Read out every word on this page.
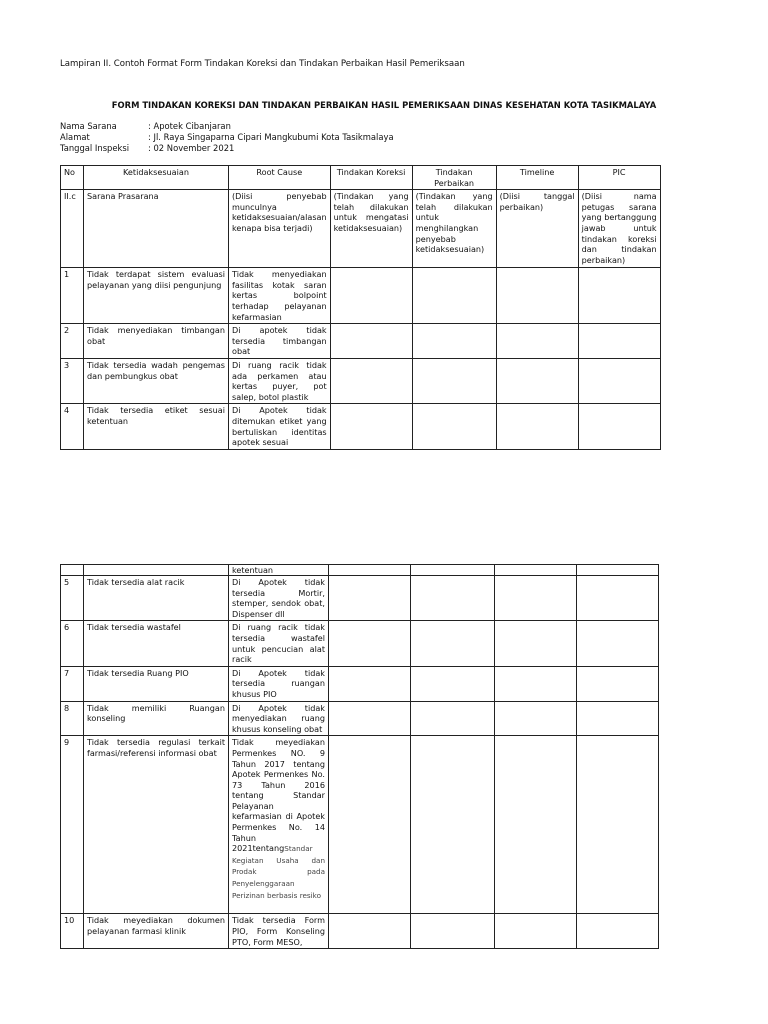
Lampiran II. Contoh Format Form Tindakan Koreksi dan Tindakan Perbaikan Hasil Pemeriksaan
FORM TINDAKAN KOREKSI DAN TINDAKAN PERBAIKAN HASIL PEMERIKSAAN DINAS KESEHATAN KOTA TASIKMALAYA
Nama Sarana	: Apotek Cibanjaran
Alamat	: Jl. Raya Singaparna Cipari Mangkubumi Kota Tasikmalaya
Tanggal Inspeksi	: 02 November 2021
No	Ketidaksesuaian	Root Cause	Tindakan Koreksi	Tindakan Perbaikan	Timeline	PIC
II.c	Sarana Prasarana	(Diisi penyebab munculnya ketidaksesuaian/alasan kenapa bisa terjadi)	(Tindakan yang telah dilakukan untuk mengatasi ketidaksesuaian)	(Tindakan yang telah dilakukan untuk menghilangkan penyebab ketidaksesuaian)	(Diisi tanggal perbaikan)	(Diisi nama petugas sarana yang bertanggung jawab untuk tindakan koreksi dan tindakan perbaikan)
1	Tidak terdapat sistem evaluasi pelayanan yang diisi pengunjung	Tidak menyediakan fasilitas kotak saran kertas bolpoint terhadap pelayanan kefarmasian				
2	Tidak menyediakan timbangan obat	Di apotek tidak tersedia timbangan obat				
3	Tidak tersedia wadah pengemas dan pembungkus obat	Di ruang racik tidak ada perkamen atau kertas puyer, pot salep, botol plastik				
4	Tidak tersedia etiket sesuai ketentuan	Di Apotek tidak ditemukan etiket yang bertuliskan identitas apotek sesuai				
		ketentuan				
5	Tidak tersedia alat racik	Di Apotek tidak tersedia Mortir, stemper, sendok obat, Dispenser dll				
6	Tidak tersedia wastafel	Di ruang racik tidak tersedia wastafel untuk pencucian alat racik				
7	Tidak tersedia Ruang PIO	Di Apotek tidak tersedia ruangan khusus PIO				
8	Tidak memiliki Ruangan konseling	Di Apotek tidak menyediakan ruang khusus konseling obat				
9	Tidak tersedia regulasi terkait farmasi/referensi informasi obat	Tidak meyediakan Permenkes NO. 9 Tahun 2017 tentang Apotek Permenkes No. 73 Tahun 2016 tentang Standar Pelayanan kefarmasian di Apotek Permenkes No. 14 Tahun 2021tentangStandar Kegiatan Usaha dan Prodak pada Penyelenggaraan Perizinan berbasis resiko				
10	Tidak meyediakan dokumen pelayanan farmasi klinik	Tidak tersedia Form PIO, Form Konseling PTO, Form MESO,				
